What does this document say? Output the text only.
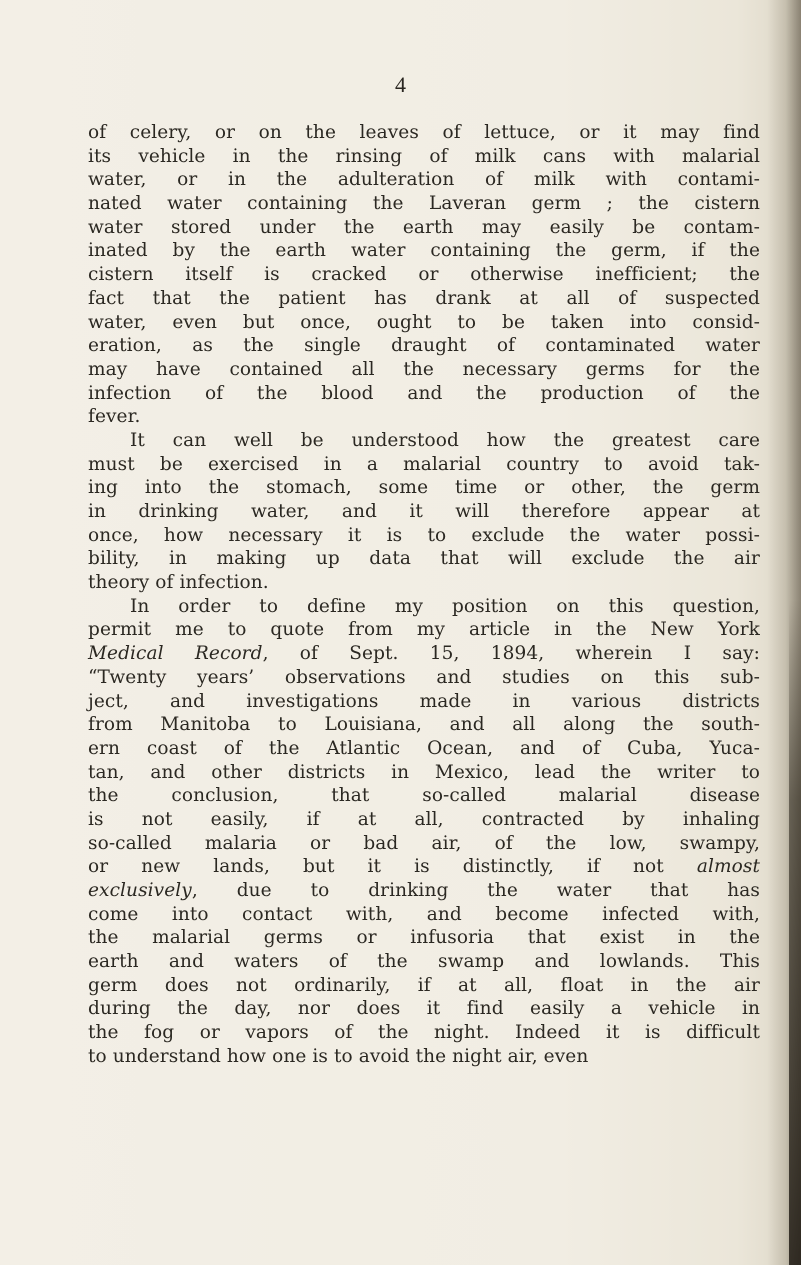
4
of celery, or on the leaves of lettuce, or it may find
its vehicle in the rinsing of milk cans with malarial
water, or in the adulteration of milk with contami-
nated water containing the Laveran germ ; the cistern
water stored under the earth may easily be contam-
inated by the earth water containing the germ, if the
cistern itself is cracked or otherwise inefficient; the
fact that the patient has drank at all of suspected
water, even but once, ought to be taken into consid-
eration, as the single draught of contaminated water
may have contained all the necessary germs for the
infection of the blood and the production of the
fever.
It can well be understood how the greatest care
must be exercised in a malarial country to avoid tak-
ing into the stomach, some time or other, the germ
in drinking water, and it will therefore appear at
once, how necessary it is to exclude the water possi-
bility, in making up data that will exclude the air
theory of infection.
In order to define my position on this question,
permit me to quote from my article in the New York
Medical Record, of Sept. 15, 1894, wherein I say:
“Twenty years’ observations and studies on this sub-
ject, and investigations made in various districts
from Manitoba to Louisiana, and all along the south-
ern coast of the Atlantic Ocean, and of Cuba, Yuca-
tan, and other districts in Mexico, lead the writer to
the conclusion, that so-called malarial disease
is not easily, if at all, contracted by inhaling
so-called malaria or bad air, of the low, swampy,
or new lands, but it is distinctly, if not almost
exclusively, due to drinking the water that has
come into contact with, and become infected with,
the malarial germs or infusoria that exist in the
earth and waters of the swamp and lowlands. This
germ does not ordinarily, if at all, float in the air
during the day, nor does it find easily a vehicle in
the fog or vapors of the night. Indeed it is difficult
to understand how one is to avoid the night air, even
